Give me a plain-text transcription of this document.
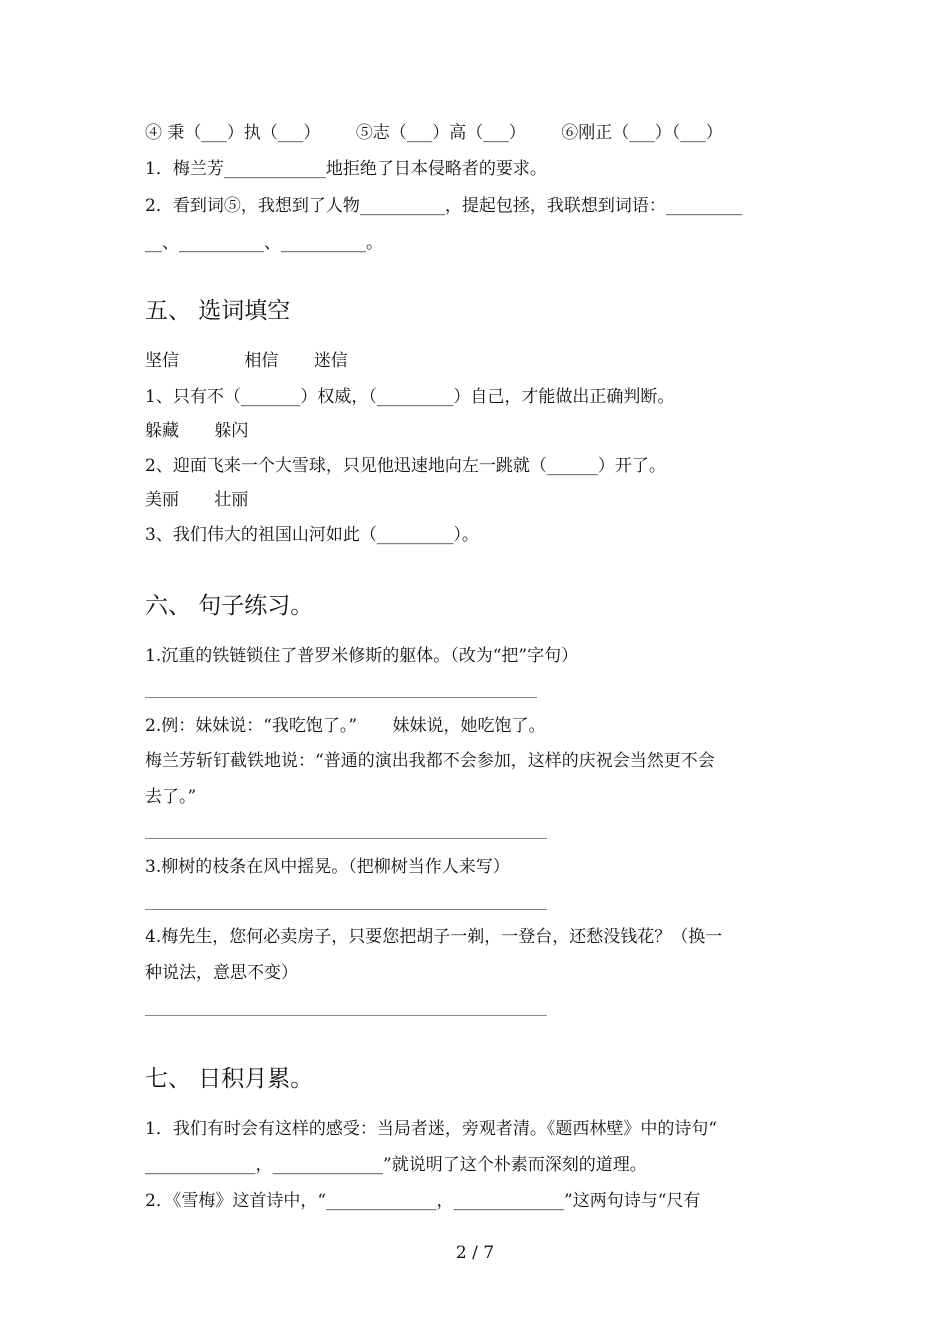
④ 秉（___）执（___） ⑤志（___）高（___） ⑥刚正（___）（___）
1．梅兰芳____________地拒绝了日本侵略者的要求。
2．看到词⑤，我想到了人物__________，提起包拯，我联想到词语：_________
__、__________、__________。
五、 选词填空
坚信	相信 迷信
1、只有不（_______）权威，（_________）自己，才能做出正确判断。
躲藏 躲闪
2、迎面飞来一个大雪球，只见他迅速地向左一跳就（______）开了。
美丽 壮丽
3、我们伟大的祖国山河如此（_________）。
六、 句子练习。
1.沉重的铁链锁住了普罗米修斯的躯体。（改为“把”字句）
2.例：妹妹说：“我吃饱了。” 妹妹说，她吃饱了。
梅兰芳斩钉截铁地说：“普通的演出我都不会参加，这样的庆祝会当然更不会
去了。”
3.柳树的枝条在风中摇晃。（把柳树当作人来写）
4.梅先生，您何必卖房子，只要您把胡子一剃，一登台，还愁没钱花？（换一
种说法，意思不变）
七、 日积月累。
1．我们有时会有这样的感受：当局者迷，旁观者清。《题西林壁》中的诗句“
_____________，_____________”就说明了这个朴素而深刻的道理。
2．《雪梅》这首诗中，“_____________，_____________”这两句诗与“尺有
2 / 7
